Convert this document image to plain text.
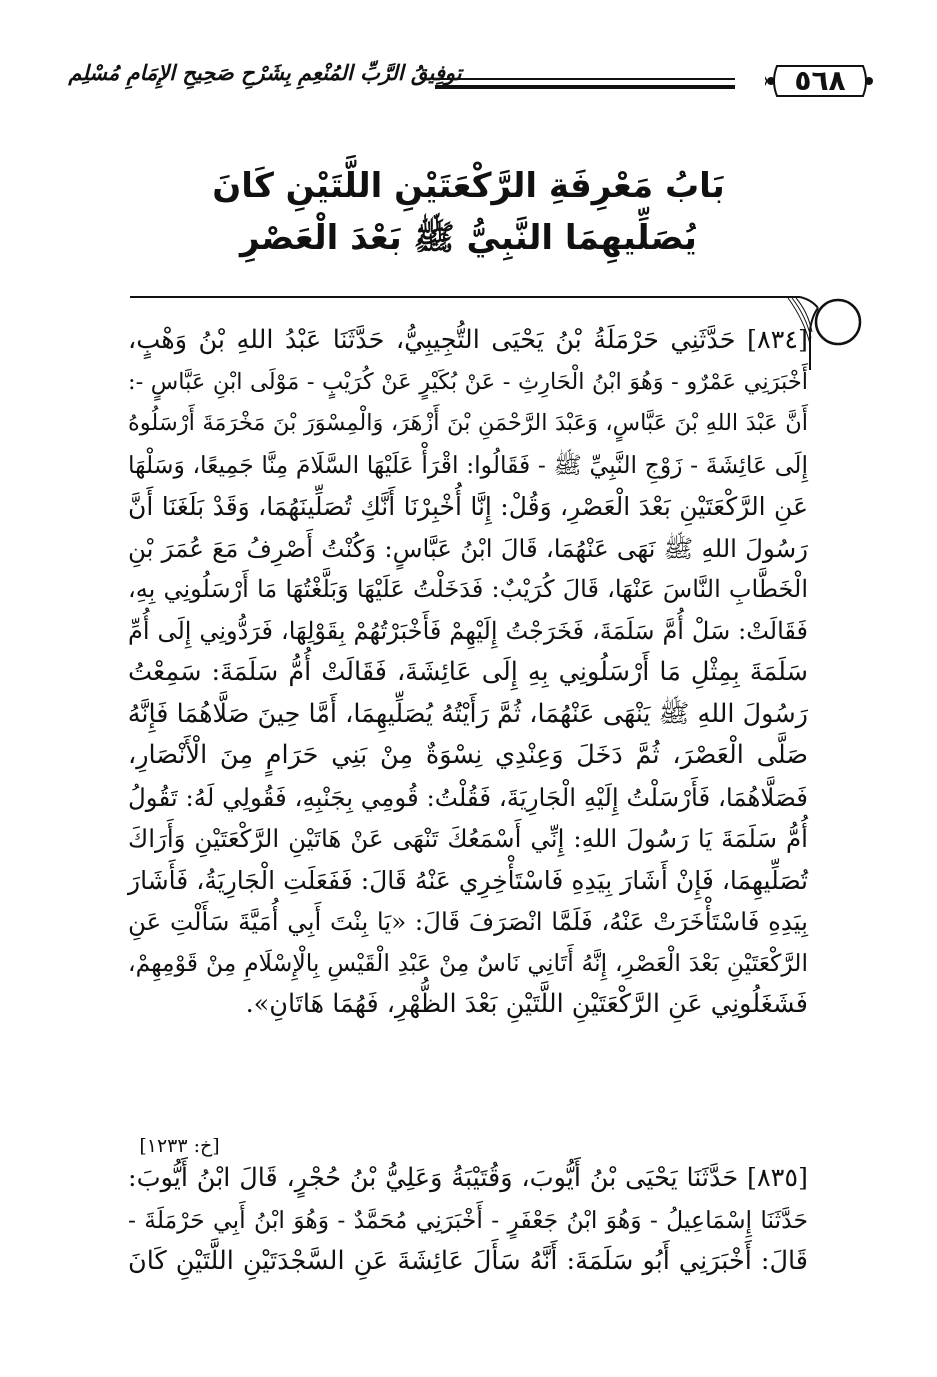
توفِيقُ الرَّبِّ المُنْعِمِ بِشَرْحِ صَحِيحِ الإِمَامِ مُسْلِم	٥٦٨
بَابُ مَعْرِفَةِ الرَّكْعَتَيْنِ اللَّتَيْنِ كَانَ
يُصَلِّيهِمَا النَّبِيُّ ﷺ بَعْدَ الْعَصْرِ
[٨٣٤] حَدَّثَنِي حَرْمَلَةُ بْنُ يَحْيَى التُّجِيبِيُّ، حَدَّثَنَا عَبْدُ اللهِ بْنُ وَهْبٍ،
أَخْبَرَنِي عَمْرٌو - وَهُوَ ابْنُ الْحَارِثِ - عَنْ بُكَيْرٍ عَنْ كُرَيْبٍ - مَوْلَى ابْنِ عَبَّاسٍ -:
أَنَّ عَبْدَ اللهِ بْنَ عَبَّاسٍ، وَعَبْدَ الرَّحْمَنِ بْنَ أَزْهَرَ، وَالْمِسْوَرَ بْنَ مَخْرَمَةَ أَرْسَلُوهُ
إِلَى عَائِشَةَ - زَوْجِ النَّبِيِّ ﷺ - فَقَالُوا: اقْرَأْ عَلَيْهَا السَّلَامَ مِنَّا جَمِيعًا، وَسَلْهَا
عَنِ الرَّكْعَتَيْنِ بَعْدَ الْعَصْرِ، وَقُلْ: إِنَّا أُخْبِرْنَا أَنَّكِ تُصَلِّينَهُمَا، وَقَدْ بَلَغَنَا أَنَّ
رَسُولَ اللهِ ﷺ نَهَى عَنْهُمَا، قَالَ ابْنُ عَبَّاسٍ: وَكُنْتُ أَصْرِفُ مَعَ عُمَرَ بْنِ
الْخَطَّابِ النَّاسَ عَنْهَا، قَالَ كُرَيْبٌ: فَدَخَلْتُ عَلَيْهَا وَبَلَّغْتُهَا مَا أَرْسَلُونِي بِهِ،
فَقَالَتْ: سَلْ أُمَّ سَلَمَةَ، فَخَرَجْتُ إِلَيْهِمْ فَأَخْبَرْتُهُمْ بِقَوْلِهَا، فَرَدُّونِي إِلَى أُمِّ
سَلَمَةَ بِمِثْلِ مَا أَرْسَلُونِي بِهِ إِلَى عَائِشَةَ، فَقَالَتْ أُمُّ سَلَمَةَ: سَمِعْتُ
رَسُولَ اللهِ ﷺ يَنْهَى عَنْهُمَا، ثُمَّ رَأَيْتُهُ يُصَلِّيهِمَا، أَمَّا حِينَ صَلَّاهُمَا فَإِنَّهُ
صَلَّى الْعَصْرَ، ثُمَّ دَخَلَ وَعِنْدِي نِسْوَةٌ مِنْ بَنِي حَرَامٍ مِنَ الْأَنْصَارِ،
فَصَلَّاهُمَا، فَأَرْسَلْتُ إِلَيْهِ الْجَارِيَةَ، فَقُلْتُ: قُومِي بِجَنْبِهِ، فَقُولِي لَهُ: تَقُولُ
أُمُّ سَلَمَةَ يَا رَسُولَ اللهِ: إِنِّي أَسْمَعُكَ تَنْهَى عَنْ هَاتَيْنِ الرَّكْعَتَيْنِ وَأَرَاكَ
تُصَلِّيهِمَا، فَإِنْ أَشَارَ بِيَدِهِ فَاسْتَأْخِرِي عَنْهُ قَالَ: فَفَعَلَتِ الْجَارِيَةُ، فَأَشَارَ
بِيَدِهِ فَاسْتَأْخَرَتْ عَنْهُ، فَلَمَّا انْصَرَفَ قَالَ: «يَا بِنْتَ أَبِي أُمَيَّةَ سَأَلْتِ عَنِ
الرَّكْعَتَيْنِ بَعْدَ الْعَصْرِ، إِنَّهُ أَتَانِي نَاسٌ مِنْ عَبْدِ الْقَيْسِ بِالْإِسْلَامِ مِنْ قَوْمِهِمْ،
فَشَغَلُونِي عَنِ الرَّكْعَتَيْنِ اللَّتَيْنِ بَعْدَ الظُّهْرِ، فَهُمَا هَاتَانِ».
[خ: ١٢٣٣]
[٨٣٥] حَدَّثَنَا يَحْيَى بْنُ أَيُّوبَ، وَقُتَيْبَةُ وَعَلِيُّ بْنُ حُجْرٍ، قَالَ ابْنُ أَيُّوبَ:
حَدَّثَنَا إِسْمَاعِيلُ - وَهُوَ ابْنُ جَعْفَرٍ - أَخْبَرَنِي مُحَمَّدٌ - وَهُوَ ابْنُ أَبِي حَرْمَلَةَ -
قَالَ: أَخْبَرَنِي أَبُو سَلَمَةَ: أَنَّهُ سَأَلَ عَائِشَةَ عَنِ السَّجْدَتَيْنِ اللَّتَيْنِ كَانَ
